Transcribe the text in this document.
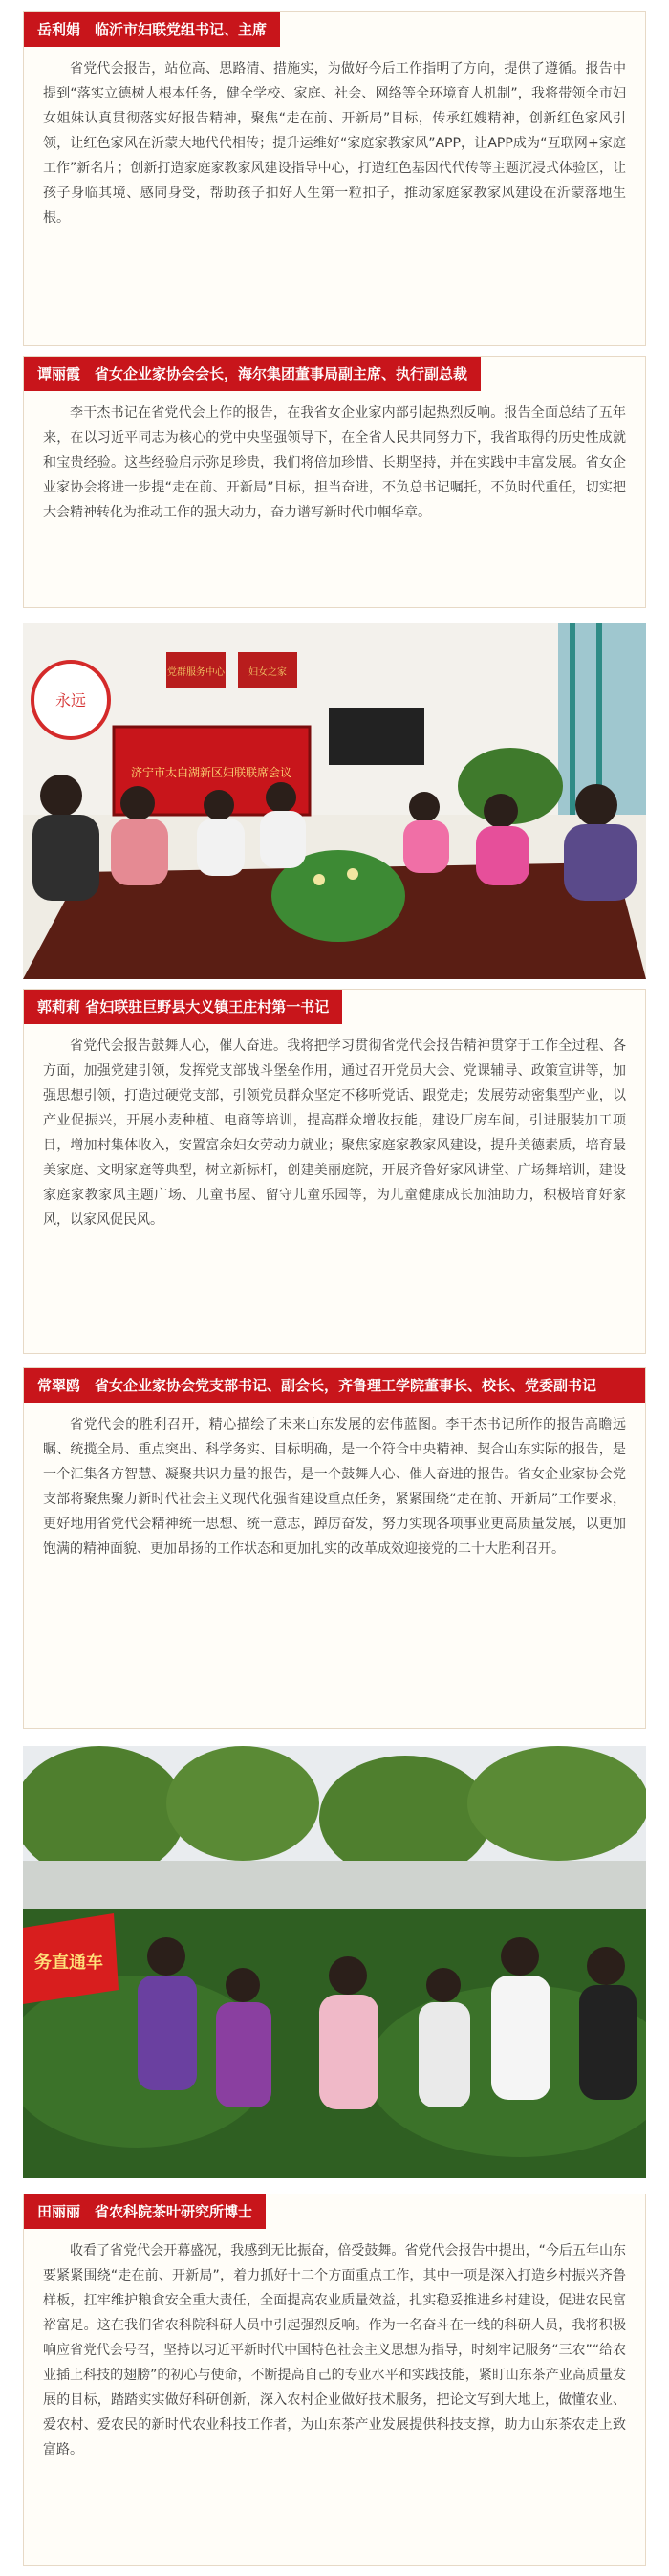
岳利娟　临沂市妇联党组书记、主席
省党代会报告，站位高、思路清、措施实，为做好今后工作指明了方向，提供了遵循。报告中提到“落实立德树人根本任务，健全学校、家庭、社会、网络等全环境育人机制”，我将带领全市妇女姐妹认真贯彻落实好报告精神，聚焦“走在前、开新局”目标，传承红嫂精神，创新红色家风引领，让红色家风在沂蒙大地代代相传；提升运维好“家庭家教家风”APP，让APP成为“互联网+家庭工作”新名片；创新打造家庭家教家风建设指导中心，打造红色基因代代传等主题沉浸式体验区，让孩子身临其境、感同身受，帮助孩子扣好人生第一粒扣子，推动家庭家教家风建设在沂蒙落地生根。
谭丽霞　省女企业家协会会长，海尔集团董事局副主席、执行副总裁
李干杰书记在省党代会上作的报告，在我省女企业家内部引起热烈反响。报告全面总结了五年来，在以习近平同志为核心的党中央坚强领导下，在全省人民共同努力下，我省取得的历史性成就和宝贵经验。这些经验启示弥足珍贵，我们将倍加珍惜、长期坚持，并在实践中丰富发展。省女企业家协会将进一步提“走在前、开新局”目标，担当奋进，不负总书记嘱托，不负时代重任，切实把大会精神转化为推动工作的强大动力，奋力谱写新时代巾帼华章。
党群服务中心	妇女之家
永远
济宁市太白湖新区妇联联席会议
郭莉莉 省妇联驻巨野县大义镇王庄村第一书记
省党代会报告鼓舞人心，催人奋进。我将把学习贯彻省党代会报告精神贯穿于工作全过程、各方面，加强党建引领，发挥党支部战斗堡垒作用，通过召开党员大会、党课辅导、政策宣讲等，加强思想引领，打造过硬党支部，引领党员群众坚定不移听党话、跟党走；发展劳动密集型产业，以产业促振兴，开展小麦种植、电商等培训，提高群众增收技能，建设厂房车间，引进服装加工项目，增加村集体收入，安置富余妇女劳动力就业；聚焦家庭家教家风建设，提升美德素质，培育最美家庭、文明家庭等典型，树立新标杆，创建美丽庭院，开展齐鲁好家风讲堂、广场舞培训，建设家庭家教家风主题广场、儿童书屋、留守儿童乐园等，为儿童健康成长加油助力，积极培育好家风，以家风促民风。
常翠鸥　省女企业家协会党支部书记、副会长，齐鲁理工学院董事长、校长、党委副书记
省党代会的胜利召开，精心描绘了未来山东发展的宏伟蓝图。李干杰书记所作的报告高瞻远瞩、统揽全局、重点突出、科学务实、目标明确，是一个符合中央精神、契合山东实际的报告，是一个汇集各方智慧、凝聚共识力量的报告，是一个鼓舞人心、催人奋进的报告。省女企业家协会党支部将聚焦聚力新时代社会主义现代化强省建设重点任务，紧紧围绕“走在前、开新局”工作要求，更好地用省党代会精神统一思想、统一意志，踔厉奋发，努力实现各项事业更高质量发展，以更加饱满的精神面貌、更加昂扬的工作状态和更加扎实的改革成效迎接党的二十大胜利召开。
务直通车
田丽丽　省农科院茶叶研究所博士
收看了省党代会开幕盛况，我感到无比振奋，倍受鼓舞。省党代会报告中提出，“今后五年山东要紧紧围绕“走在前、开新局”，着力抓好十二个方面重点工作，其中一项是深入打造乡村振兴齐鲁样板，扛牢维护粮食安全重大责任，全面提高农业质量效益，扎实稳妥推进乡村建设，促进农民富裕富足。这在我们省农科院科研人员中引起强烈反响。作为一名奋斗在一线的科研人员，我将积极响应省党代会号召，坚持以习近平新时代中国特色社会主义思想为指导，时刻牢记服务“三农”“给农业插上科技的翅膀”的初心与使命，不断提高自己的专业水平和实践技能，紧盯山东茶产业高质量发展的目标，踏踏实实做好科研创新，深入农村企业做好技术服务，把论文写到大地上，做懂农业、爱农村、爱农民的新时代农业科技工作者，为山东茶产业发展提供科技支撑，助力山东茶农走上致富路。
